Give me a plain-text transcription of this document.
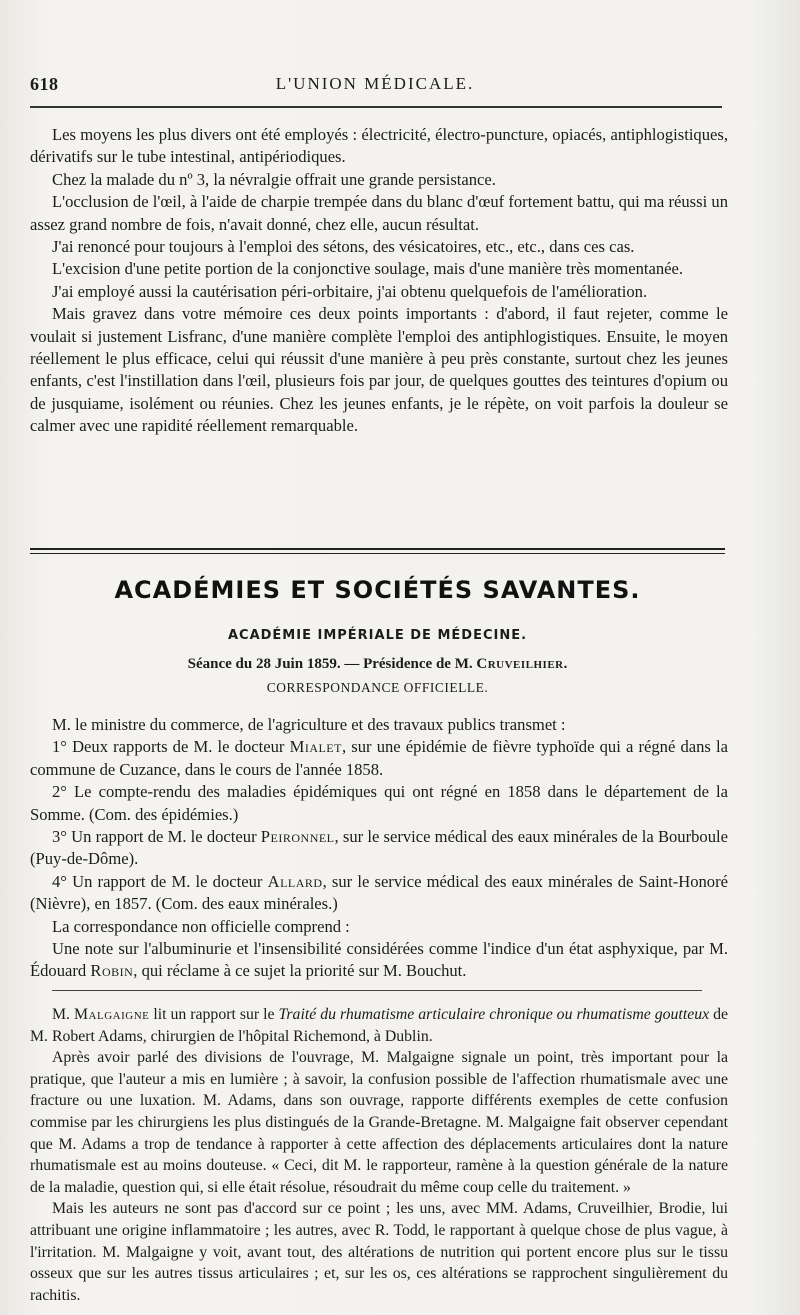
618	L'UNION MÉDICALE.

Les moyens les plus divers ont été employés : électricité, électro-puncture, opiacés, antiphlogistiques, dérivatifs sur le tube intestinal, antipériodiques.

Chez la malade du nº 3, la névralgie offrait une grande persistance.

L'occlusion de l'œil, à l'aide de charpie trempée dans du blanc d'œuf fortement battu, qui ma réussi un assez grand nombre de fois, n'avait donné, chez elle, aucun résultat.

J'ai renoncé pour toujours à l'emploi des sétons, des vésicatoires, etc., etc., dans ces cas.

L'excision d'une petite portion de la conjonctive soulage, mais d'une manière très momentanée.

J'ai employé aussi la cautérisation péri-orbitaire, j'ai obtenu quelquefois de l'amélioration.

Mais gravez dans votre mémoire ces deux points importants : d'abord, il faut rejeter, comme le voulait si justement Lisfranc, d'une manière complète l'emploi des antiphlogistiques. Ensuite, le moyen réellement le plus efficace, celui qui réussit d'une manière à peu près constante, surtout chez les jeunes enfants, c'est l'instillation dans l'œil, plusieurs fois par jour, de quelques gouttes des teintures d'opium ou de jusquiame, isolément ou réunies. Chez les jeunes enfants, je le répète, on voit parfois la douleur se calmer avec une rapidité réellement remarquable.

ACADÉMIES ET SOCIÉTÉS SAVANTES.
ACADÉMIE IMPÉRIALE DE MÉDECINE.
Séance du 28 Juin 1859. — Présidence de M. Cruveilhier.
CORRESPONDANCE OFFICIELLE.

M. le ministre du commerce, de l'agriculture et des travaux publics transmet :

1° Deux rapports de M. le docteur Mialet, sur une épidémie de fièvre typhoïde qui a régné dans la commune de Cuzance, dans le cours de l'année 1858.

2° Le compte-rendu des maladies épidémiques qui ont régné en 1858 dans le département de la Somme. (Com. des épidémies.)

3° Un rapport de M. le docteur Peironnel, sur le service médical des eaux minérales de la Bourboule (Puy-de-Dôme).

4° Un rapport de M. le docteur Allard, sur le service médical des eaux minérales de Saint-Honoré (Nièvre), en 1857. (Com. des eaux minérales.)

La correspondance non officielle comprend :

Une note sur l'albuminurie et l'insensibilité considérées comme l'indice d'un état asphyxique, par M. Édouard Robin, qui réclame à ce sujet la priorité sur M. Bouchut.

M. Malgaigne lit un rapport sur le Traité du rhumatisme articulaire chronique ou rhumatisme goutteux de M. Robert Adams, chirurgien de l'hôpital Richemond, à Dublin.

Après avoir parlé des divisions de l'ouvrage, M. Malgaigne signale un point, très important pour la pratique, que l'auteur a mis en lumière ; à savoir, la confusion possible de l'affection rhumatismale avec une fracture ou une luxation. M. Adams, dans son ouvrage, rapporte différents exemples de cette confusion commise par les chirurgiens les plus distingués de la Grande-Bretagne. M. Malgaigne fait observer cependant que M. Adams a trop de tendance à rapporter à cette affection des déplacements articulaires dont la nature rhumatismale est au moins douteuse. « Ceci, dit M. le rapporteur, ramène à la question générale de la nature de la maladie, question qui, si elle était résolue, résoudrait du même coup celle du traitement. »

Mais les auteurs ne sont pas d'accord sur ce point ; les uns, avec MM. Adams, Cruveilhier, Brodie, lui attribuant une origine inflammatoire ; les autres, avec R. Todd, le rapportant à quelque chose de plus vague, à l'irritation. M. Malgaigne y voit, avant tout, des altérations de nutrition qui portent encore plus sur le tissu osseux que sur les autres tissus articulaires ; et, sur les os, ces altérations se rapprochent singulièrement du rachitis.
